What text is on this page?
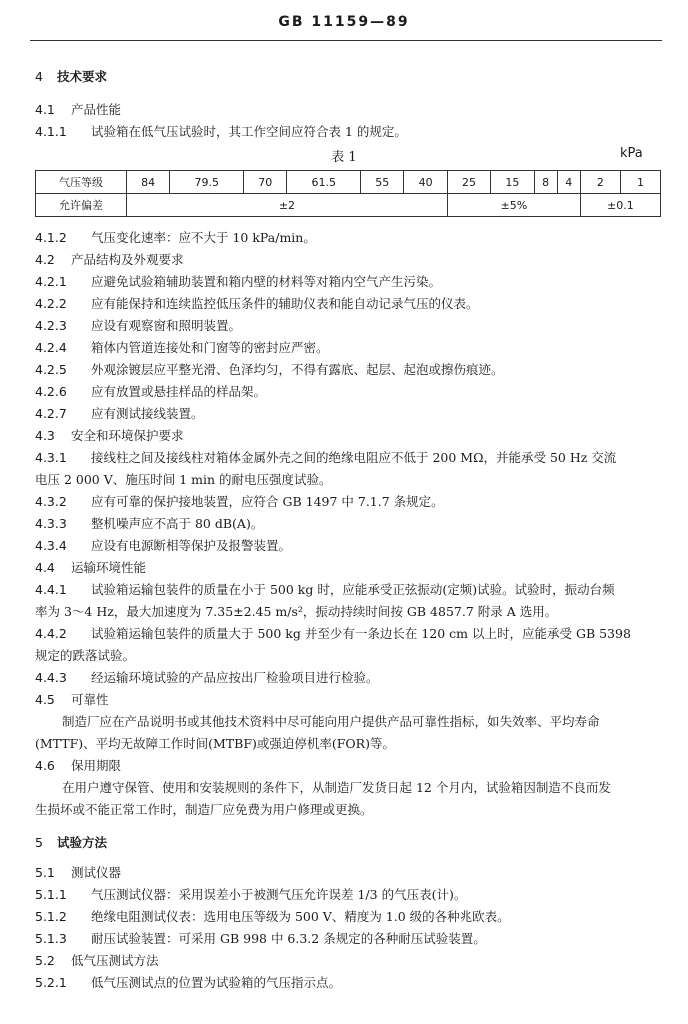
GB 11159—89
4 技术要求
4.1 产品性能
4.1.1 试验箱在低气压试验时，其工作空间应符合表 1 的规定。
表 1	kPa
气压等级	84	79.5	70	61.5	55	40	25	15	8	4	2	1
允许偏差	±2						±5%				±0.1	
4.1.2 气压变化速率：应不大于 10 kPa/min。
4.2 产品结构及外观要求
4.2.1 应避免试验箱辅助装置和箱内壁的材料等对箱内空气产生污染。
4.2.2 应有能保持和连续监控低压条件的辅助仪表和能自动记录气压的仪表。
4.2.3 应设有观察窗和照明装置。
4.2.4 箱体内管道连接处和门窗等的密封应严密。
4.2.5 外观涂镀层应平整光滑、色泽均匀，不得有露底、起层、起泡或擦伤痕迹。
4.2.6 应有放置或悬挂样品的样品架。
4.2.7 应有测试接线装置。
4.3 安全和环境保护要求
4.3.1 接线柱之间及接线柱对箱体金属外壳之间的绝缘电阻应不低于 200 MΩ，并能承受 50 Hz 交流
电压 2 000 V、施压时间 1 min 的耐电压强度试验。
4.3.2 应有可靠的保护接地装置，应符合 GB 1497 中 7.1.7 条规定。
4.3.3 整机噪声应不高于 80 dB(A)。
4.3.4 应设有电源断相等保护及报警装置。
4.4 运输环境性能
4.4.1 试验箱运输包装件的质量在小于 500 kg 时，应能承受正弦振动(定频)试验。试验时，振动台频
率为 3～4 Hz，最大加速度为 7.35±2.45 m/s²，振动持续时间按 GB 4857.7 附录 A 选用。
4.4.2 试验箱运输包装件的质量大于 500 kg 并至少有一条边长在 120 cm 以上时，应能承受 GB 5398
规定的跌落试验。
4.4.3 经运输环境试验的产品应按出厂检验项目进行检验。
4.5 可靠性
制造厂应在产品说明书或其他技术资料中尽可能向用户提供产品可靠性指标，如失效率、平均寿命
(MTTF)、平均无故障工作时间(MTBF)或强迫停机率(FOR)等。
4.6 保用期限
在用户遵守保管、使用和安装规则的条件下，从制造厂发货日起 12 个月内，试验箱因制造不良而发
生损坏或不能正常工作时，制造厂应免费为用户修理或更换。
5 试验方法
5.1 测试仪器
5.1.1 气压测试仪器：采用误差小于被测气压允许误差 1/3 的气压表(计)。
5.1.2 绝缘电阻测试仪表：选用电压等级为 500 V、精度为 1.0 级的各种兆欧表。
5.1.3 耐压试验装置：可采用 GB 998 中 6.3.2 条规定的各种耐压试验装置。
5.2 低气压测试方法
5.2.1 低气压测试点的位置为试验箱的气压指示点。
